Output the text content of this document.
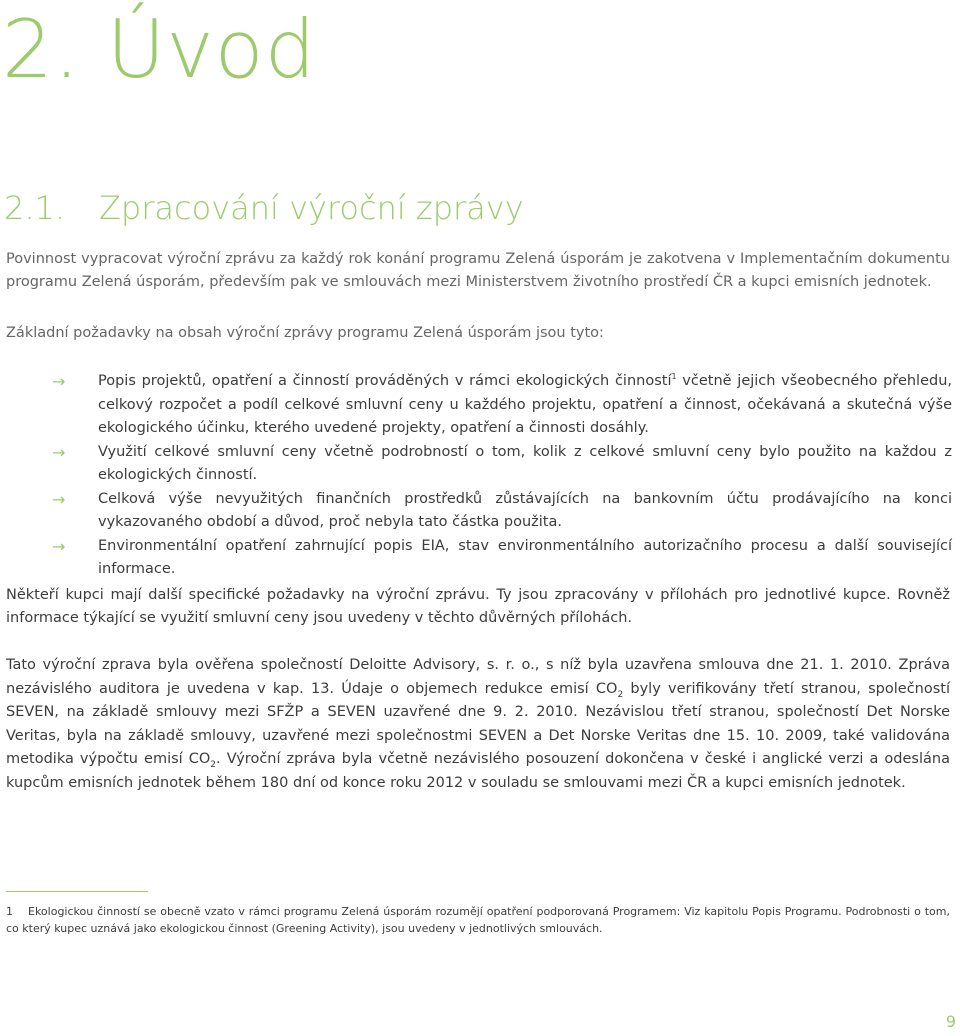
2. Úvod
2.1. Zpracování výroční zprávy

Povinnost vypracovat výroční zprávu za každý rok konání programu Zelená úsporám je zakotvena v Implementačním dokumentu programu Zelená úsporám, především pak ve smlouvách mezi Ministerstvem životního prostředí ČR a kupci emisních jednotek.

Základní požadavky na obsah výroční zprávy programu Zelená úsporám jsou tyto:

→ Popis projektů, opatření a činností prováděných v rámci ekologických činností$^1$ včetně jejich všeobecného přehledu, celkový rozpočet a podíl celkové smluvní ceny u každého projektu, opatření a činnost, očekávaná a skutečná výše ekologického účinku, kterého uvedené projekty, opatření a činnosti dosáhly.
→ Využití celkové smluvní ceny včetně podrobností o tom, kolik z celkové smluvní ceny bylo použito na každou z ekologických činností.
→ Celková výše nevyužitých finančních prostředků zůstávajících na bankovním účtu prodávajícího na konci vykazovaného období a důvod, proč nebyla tato částka použita.
→ Environmentální opatření zahrnující popis EIA, stav environmentálního autorizačního procesu a další související informace.

Někteří kupci mají další specifické požadavky na výroční zprávu. Ty jsou zpracovány v přílohách pro jednotlivé kupce. Rovněž informace týkající se využití smluvní ceny jsou uvedeny v těchto důvěrných přílohách.

Tato výroční zprava byla ověřena společností Deloitte Advisory, s. r. o., s níž byla uzavřena smlouva dne 21. 1. 2010. Zpráva nezávislého auditora je uvedena v kap. 13. Údaje o objemech redukce emisí $CO_2$ byly verifikovány třetí stranou, společností SEVEN, na základě smlouvy mezi SFŽP a SEVEN uzavřené dne 9. 2. 2010. Nezávislou třetí stranou, společností Det Norske Veritas, byla na základě smlouvy, uzavřené mezi společnostmi SEVEN a Det Norske Veritas dne 15. 10. 2009, také validována metodika výpočtu emisí $CO_2$. Výroční zpráva byla včetně nezávislého posouzení dokončena v české i anglické verzi a odeslána kupcům emisních jednotek během 180 dní od konce roku 2012 v souladu se smlouvami mezi ČR a kupci emisních jednotek.

1 Ekologickou činností se obecně vzato v rámci programu Zelená úsporám rozumějí opatření podporovaná Programem: Viz kapitolu Popis Programu. Podrobnosti o tom, co který kupec uznává jako ekologickou činnost (Greening Activity), jsou uvedeny v jednotlivých smlouvách.
9
